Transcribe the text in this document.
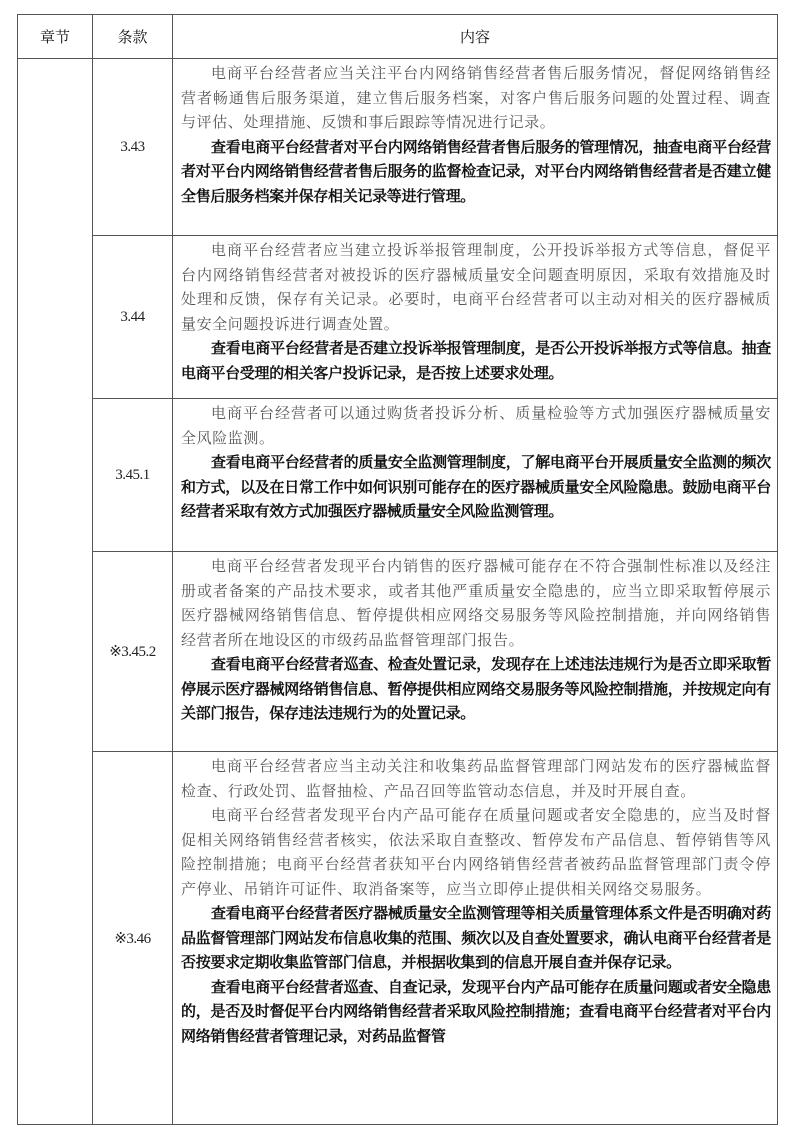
章节	条款	内容
	3.43	电商平台经营者应当关注平台内网络销售经营者售后服务情况，督促网络销售经营者畅通售后服务渠道，建立售后服务档案，对客户售后服务问题的处置过程、调查与评估、处理措施、反馈和事后跟踪等情况进行记录。

查看电商平台经营者对平台内网络销售经营者售后服务的管理情况，抽查电商平台经营者对平台内网络销售经营者售后服务的监督检查记录，对平台内网络销售经营者是否建立健全售后服务档案并保存相关记录等进行管理。

	3.44	电商平台经营者应当建立投诉举报管理制度，公开投诉举报方式等信息，督促平台内网络销售经营者对被投诉的医疗器械质量安全问题查明原因，采取有效措施及时处理和反馈，保存有关记录。必要时，电商平台经营者可以主动对相关的医疗器械质量安全问题投诉进行调查处置。

查看电商平台经营者是否建立投诉举报管理制度，是否公开投诉举报方式等信息。抽查电商平台受理的相关客户投诉记录，是否按上述要求处理。

	3.45.1	电商平台经营者可以通过购货者投诉分析、质量检验等方式加强医疗器械质量安全风险监测。

查看电商平台经营者的质量安全监测管理制度，了解电商平台开展质量安全监测的频次和方式，以及在日常工作中如何识别可能存在的医疗器械质量安全风险隐患。鼓励电商平台经营者采取有效方式加强医疗器械质量安全风险监测管理。

	※3.45.2	电商平台经营者发现平台内销售的医疗器械可能存在不符合强制性标准以及经注册或者备案的产品技术要求，或者其他严重质量安全隐患的，应当立即采取暂停展示医疗器械网络销售信息、暂停提供相应网络交易服务等风险控制措施，并向网络销售经营者所在地设区的市级药品监督管理部门报告。

查看电商平台经营者巡查、检查处置记录，发现存在上述违法违规行为是否立即采取暂停展示医疗器械网络销售信息、暂停提供相应网络交易服务等风险控制措施，并按规定向有关部门报告，保存违法违规行为的处置记录。

	※3.46	电商平台经营者应当主动关注和收集药品监督管理部门网站发布的医疗器械监督检查、行政处罚、监督抽检、产品召回等监管动态信息，并及时开展自查。

电商平台经营者发现平台内产品可能存在质量问题或者安全隐患的，应当及时督促相关网络销售经营者核实，依法采取自查整改、暂停发布产品信息、暂停销售等风险控制措施；电商平台经营者获知平台内网络销售经营者被药品监督管理部门责令停产停业、吊销许可证件、取消备案等，应当立即停止提供相关网络交易服务。

查看电商平台经营者医疗器械质量安全监测管理等相关质量管理体系文件是否明确对药品监督管理部门网站发布信息收集的范围、频次以及自查处置要求，确认电商平台经营者是否按要求定期收集监管部门信息，并根据收集到的信息开展自查并保存记录。

查看电商平台经营者巡查、自查记录，发现平台内产品可能存在质量问题或者安全隐患的，是否及时督促平台内网络销售经营者采取风险控制措施；查看电商平台经营者对平台内网络销售经营者管理记录，对药品监督管
